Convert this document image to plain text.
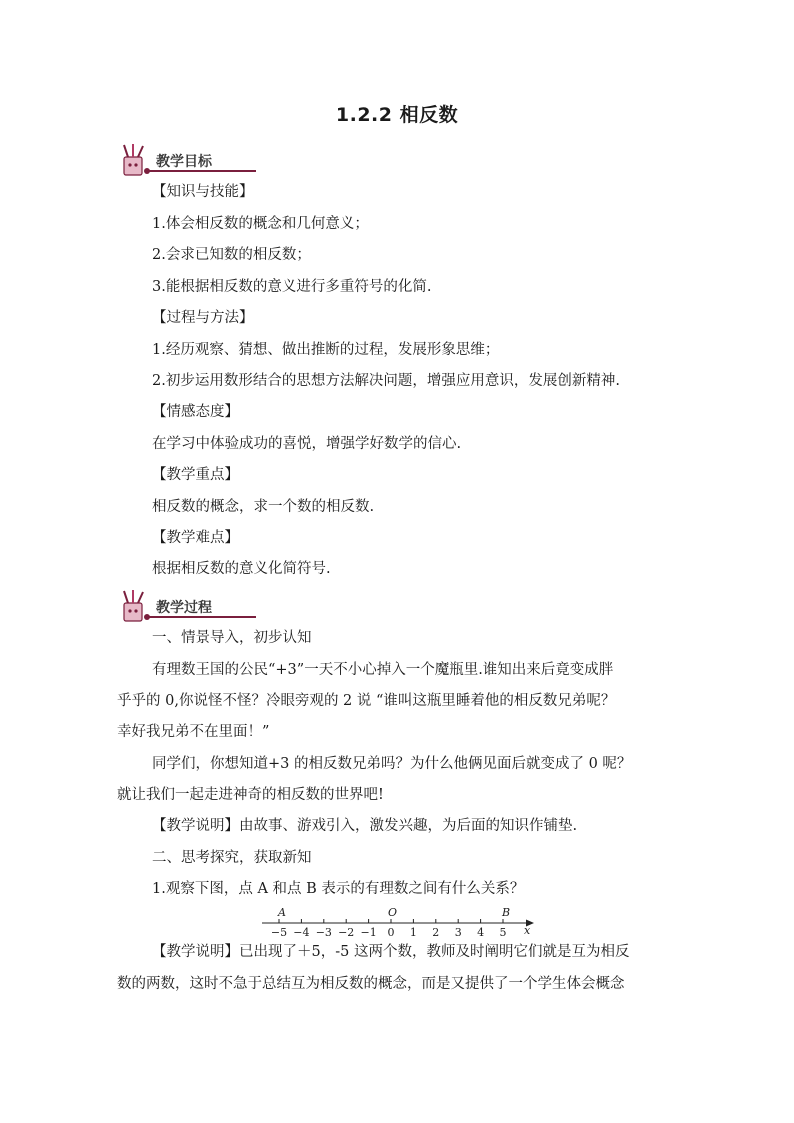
1.2.2 相反数
教学目标
【知识与技能】
1.体会相反数的概念和几何意义；
2.会求已知数的相反数；
3.能根据相反数的意义进行多重符号的化简.
【过程与方法】
1.经历观察、猜想、做出推断的过程，发展形象思维；
2.初步运用数形结合的思想方法解决问题，增强应用意识，发展创新精神.
【情感态度】
在学习中体验成功的喜悦，增强学好数学的信心.
【教学重点】
相反数的概念，求一个数的相反数.
【教学难点】
根据相反数的意义化简符号.
教学过程
一、情景导入，初步认知
有理数王国的公民“+3”一天不小心掉入一个魔瓶里.谁知出来后竟变成胖
乎乎的 0,你说怪不怪？冷眼旁观的 2 说 “谁叫这瓶里睡着他的相反数兄弟呢？
幸好我兄弟不在里面！”
同学们，你想知道+3 的相反数兄弟吗？为什么他俩见面后就变成了 0 呢？
就让我们一起走进神奇的相反数的世界吧!
【教学说明】由故事、游戏引入，激发兴趣，为后面的知识作铺垫.
二、思考探究，获取新知
1.观察下图，点 A 和点 B 表示的有理数之间有什么关系？
−5 −4 −3 −2 −1 0 1 2 3 4 5
A	O	B
x
【教学说明】已出现了＋5，-5 这两个数，教师及时阐明它们就是互为相反
数的两数，这时不急于总结互为相反数的概念，而是又提供了一个学生体会概念
